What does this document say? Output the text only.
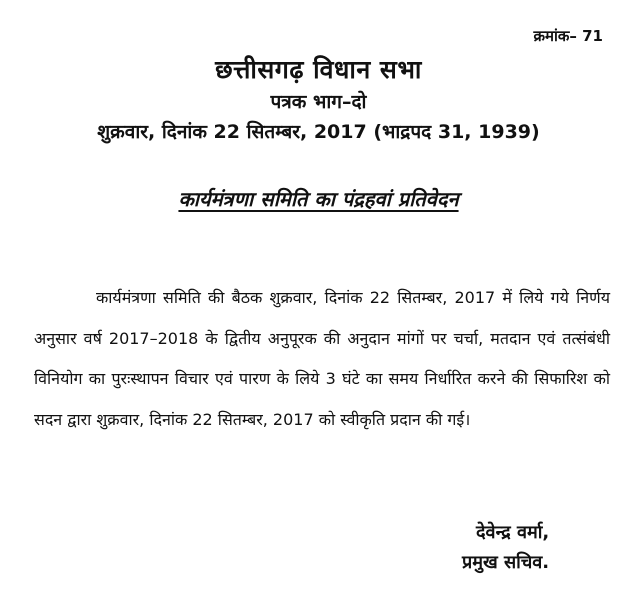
क्रमांक– 71
छत्तीसगढ़ विधान सभा
पत्रक भाग–दो
शुक्रवार, दिनांक 22 सितम्बर, 2017 (भाद्रपद 31, 1939)
कार्यमंत्रणा समिति का पंद्रहवां प्रतिवेदन

कार्यमंत्रणा समिति की बैठक शुक्रवार, दिनांक 22 सितम्बर, 2017 में लिये गये निर्णय अनुसार वर्ष 2017–2018 के द्वितीय अनुपूरक की अनुदान मांगों पर चर्चा, मतदान एवं तत्संबंधी विनियोग का पुरःस्थापन विचार एवं पारण के लिये 3 घंटे का समय निर्धारित करने की सिफारिश को सदन द्वारा शुक्रवार, दिनांक 22 सितम्बर, 2017 को स्वीकृति प्रदान की गई।

देवेन्द्र वर्मा,
प्रमुख सचिव.
